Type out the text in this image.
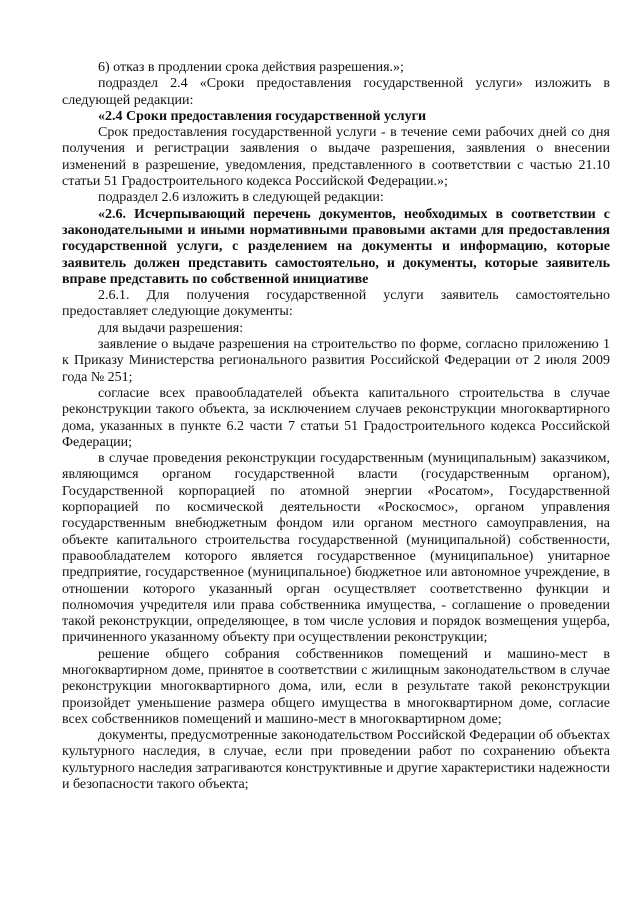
6) отказ в продлении срока действия разрешения.»;

подраздел 2.4 «Сроки предоставления государственной услуги» изложить в следующей редакции:

«2.4 Сроки предоставления государственной услуги

Срок предоставления государственной услуги - в течение семи рабочих дней со дня получения и регистрации заявления о выдаче разрешения, заявления о внесении изменений в разрешение, уведомления, представленного в соответствии с частью 21.10 статьи 51 Градостроительного кодекса Российской Федерации.»;

подраздел 2.6 изложить в следующей редакции:

«2.6. Исчерпывающий перечень документов, необходимых в соответствии с законодательными и иными нормативными правовыми актами для предоставления государственной услуги, с разделением на документы и информацию, которые заявитель должен представить самостоятельно, и документы, которые заявитель вправе представить по собственной инициативе

2.6.1. Для получения государственной услуги заявитель самостоятельно предоставляет следующие документы:

для выдачи разрешения:

заявление о выдаче разрешения на строительство по форме, согласно приложению 1 к Приказу Министерства регионального развития Российской Федерации от 2 июля 2009 года № 251;

согласие всех правообладателей объекта капитального строительства в случае реконструкции такого объекта, за исключением случаев реконструкции многоквартирного дома, указанных в пункте 6.2 части 7 статьи 51 Градостроительного кодекса Российской Федерации;

в случае проведения реконструкции государственным (муниципальным) заказчиком, являющимся органом государственной власти (государственным органом), Государственной корпорацией по атомной энергии «Росатом», Государственной корпорацией по космической деятельности «Роскосмос», органом управления государственным внебюджетным фондом или органом местного самоуправления, на объекте капитального строительства государственной (муниципальной) собственности, правообладателем которого является государственное (муниципальное) унитарное предприятие, государственное (муниципальное) бюджетное или автономное учреждение, в отношении которого указанный орган осуществляет соответственно функции и полномочия учредителя или права собственника имущества, - соглашение о проведении такой реконструкции, определяющее, в том числе условия и порядок возмещения ущерба, причиненного указанному объекту при осуществлении реконструкции;

решение общего собрания собственников помещений и машино-мест в многоквартирном доме, принятое в соответствии с жилищным законодательством в случае реконструкции многоквартирного дома, или, если в результате такой реконструкции произойдет уменьшение размера общего имущества в многоквартирном доме, согласие всех собственников помещений и машино-мест в многоквартирном доме;

документы, предусмотренные законодательством Российской Федерации об объектах культурного наследия, в случае, если при проведении работ по сохранению объекта культурного наследия затрагиваются конструктивные и другие характеристики надежности и безопасности такого объекта;
